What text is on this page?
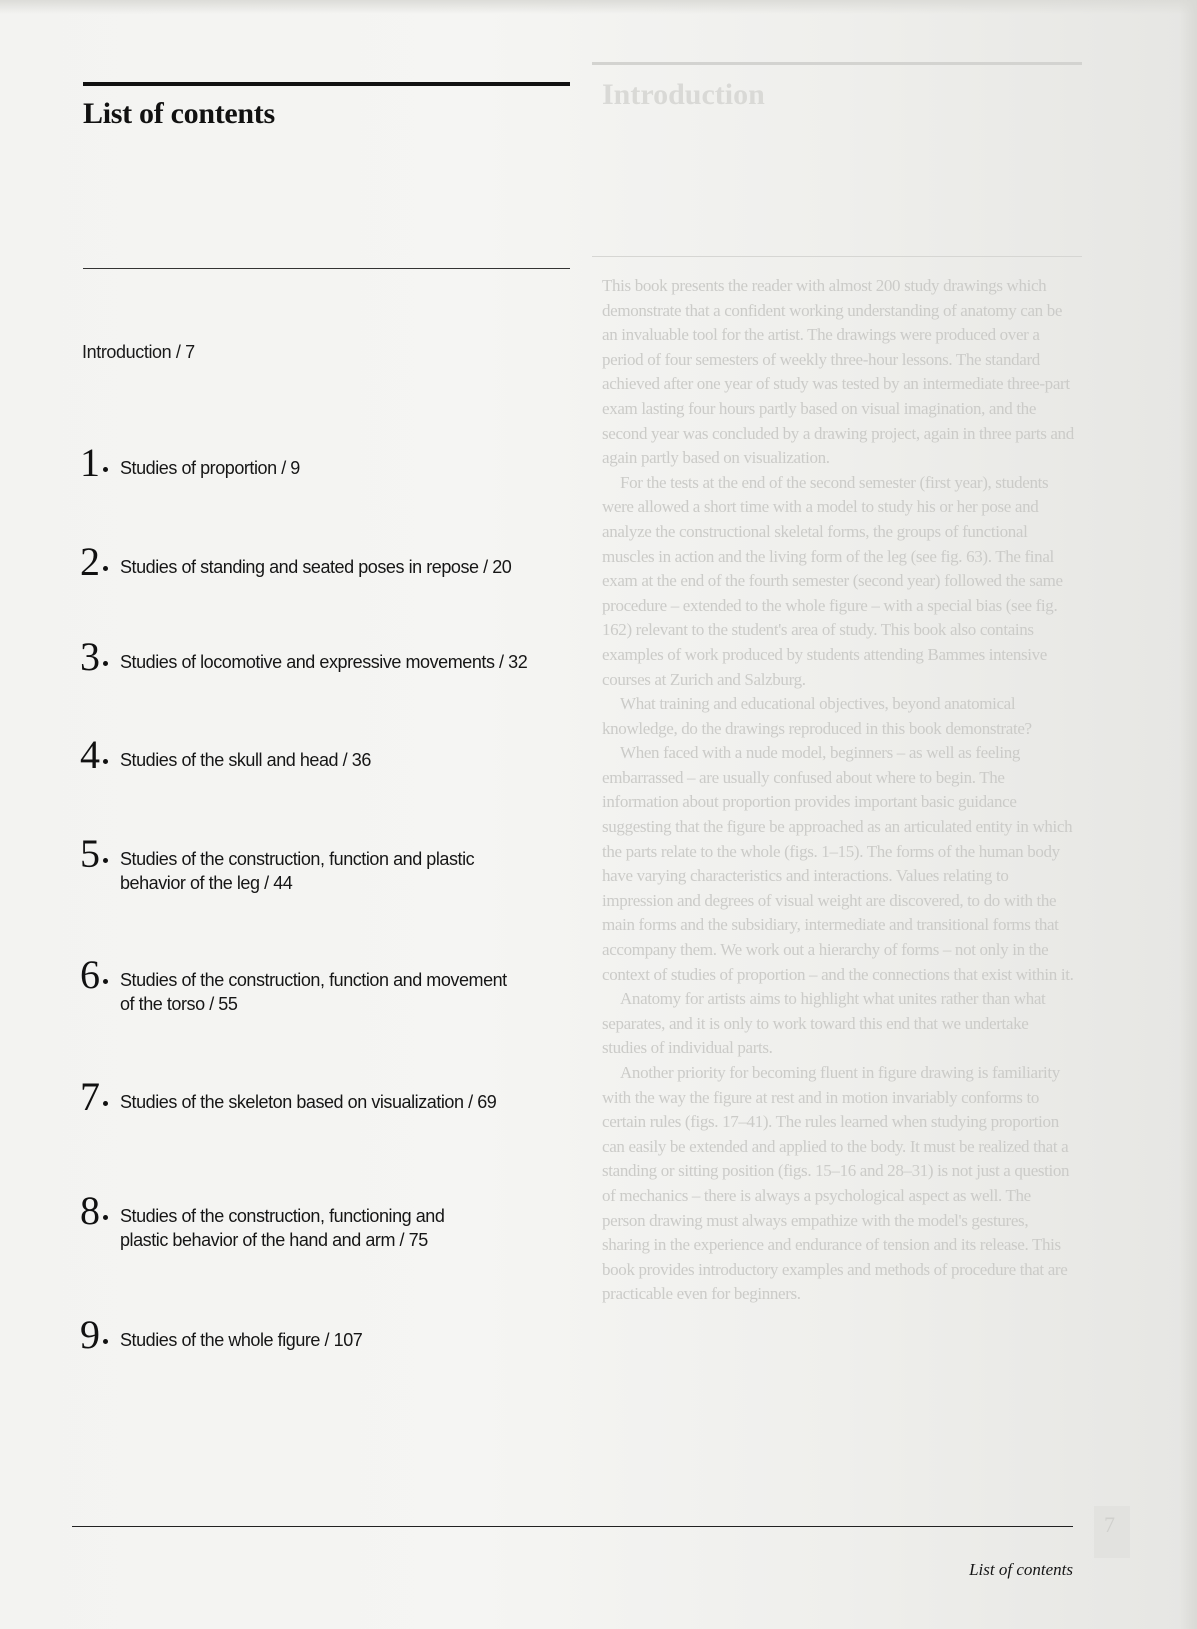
Introduction

This book presents the reader with almost 200 study drawings which demonstrate that a confident working understanding of anatomy can be an invaluable tool for the artist. The drawings were produced over a period of four semesters of weekly three-hour lessons. The standard achieved after one year of study was tested by an intermediate three-part exam lasting four hours partly based on visual imagination, and the second year was concluded by a drawing project, again in three parts and again partly based on visualization.

For the tests at the end of the second semester (first year), students were allowed a short time with a model to study his or her pose and analyze the constructional skeletal forms, the groups of functional muscles in action and the living form of the leg (see fig. 63). The final exam at the end of the fourth semester (second year) followed the same procedure – extended to the whole figure – with a special bias (see fig. 162) relevant to the student's area of study. This book also contains examples of work produced by students attending Bammes intensive courses at Zurich and Salzburg.

What training and educational objectives, beyond anatomical knowledge, do the drawings reproduced in this book demonstrate?

When faced with a nude model, beginners – as well as feeling embarrassed – are usually confused about where to begin. The information about proportion provides important basic guidance suggesting that the figure be approached as an articulated entity in which the parts relate to the whole (figs. 1–15). The forms of the human body have varying characteristics and interactions. Values relating to impression and degrees of visual weight are discovered, to do with the main forms and the subsidiary, intermediate and transitional forms that accompany them. We work out a hierarchy of forms – not only in the context of studies of proportion – and the connections that exist within it.

Anatomy for artists aims to highlight what unites rather than what separates, and it is only to work toward this end that we undertake studies of individual parts.

Another priority for becoming fluent in figure drawing is familiarity with the way the figure at rest and in motion invariably conforms to certain rules (figs. 17–41). The rules learned when studying proportion can easily be extended and applied to the body. It must be realized that a standing or sitting position (figs. 15–16 and 28–31) is not just a question of mechanics – there is always a psychological aspect as well. The person drawing must always empathize with the model's gestures, sharing in the experience and endurance of tension and its release. This book provides introductory examples and methods of procedure that are practicable even for beginners.

List of contents
Introduction / 7
1 Studies of proportion / 9
2 Studies of standing and seated poses in repose / 20
3 Studies of locomotive and expressive movements / 32
4 Studies of the skull and head / 36
5 Studies of the construction, function and plastic
behavior of the leg / 44
6 Studies of the construction, function and movement
of the torso / 55
7 Studies of the skeleton based on visualization / 69
8 Studies of the construction, functioning and
plastic behavior of the hand and arm / 75
9 Studies of the whole figure / 107
7
List of contents
